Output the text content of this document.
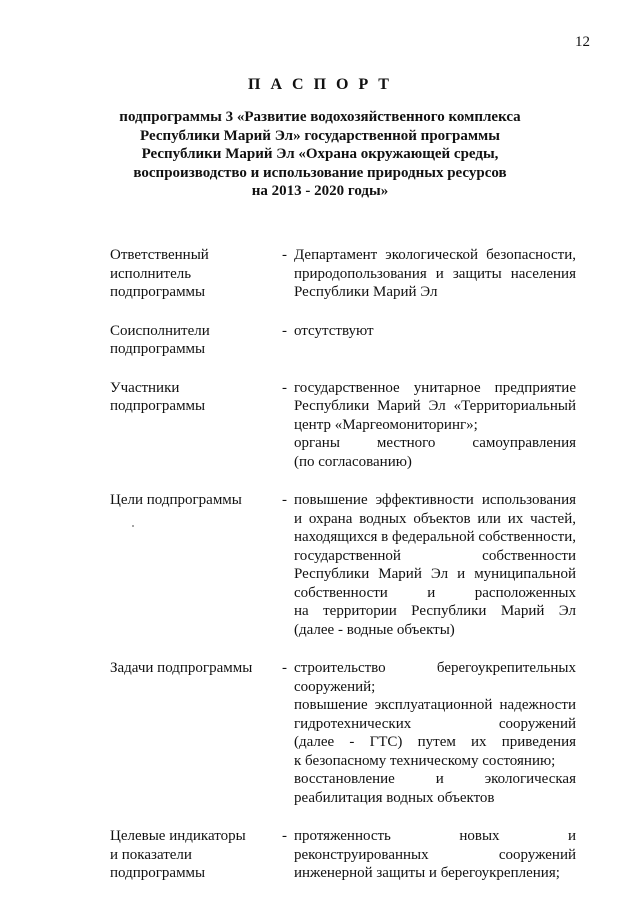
12
П А С П О Р Т
подпрограммы 3 «Развитие водохозяйственного комплекса
Республики Марий Эл» государственной программы
Республики Марий Эл «Охрана окружающей среды,
воспроизводство и использование природных ресурсов
на 2013 - 2020 годы»
Ответственный
исполнитель
подпрограммы
- Департамент экологической безопасности,
природопользования и защиты населения
Республики Марий Эл
Соисполнители
подпрограммы
- отсутствуют
Участники
подпрограммы
- государственное унитарное предприятие
Республики Марий Эл «Территориальный
центр «Маргеомониторинг»;
органы местного самоуправления
(по согласованию)
Цели подпрограммы	- повышение эффективности использования
и охрана водных объектов или их частей,
находящихся в федеральной собственности,
государственной собственности
Республики Марий Эл и муниципальной
собственности и расположенных
на территории Республики Марий Эл
(далее - водные объекты)
Задачи подпрограммы	- строительство берегоукрепительных
сооружений;
повышение эксплуатационной надежности
гидротехнических сооружений
(далее - ГТС) путем их приведения
к безопасному техническому состоянию;
восстановление и экологическая
реабилитация водных объектов
Целевые индикаторы
и показатели
подпрограммы
- протяженность новых и
реконструированных сооружений
инженерной защиты и берегоукрепления;
